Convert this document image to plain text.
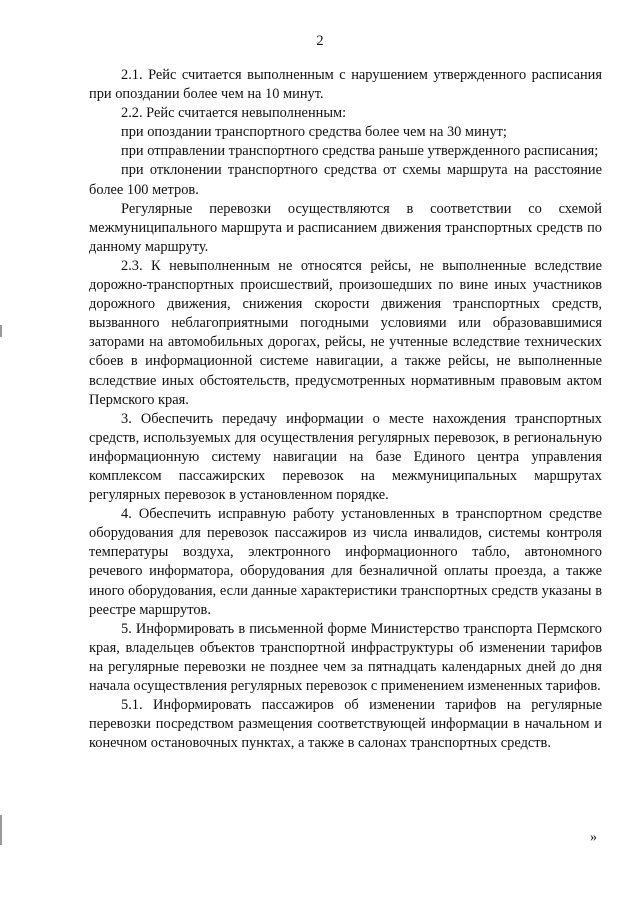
2

2.1. Рейс считается выполненным с нарушением утвержденного расписания при опоздании более чем на 10 минут.

2.2. Рейс считается невыполненным:

при опоздании транспортного средства более чем на 30 минут;

при отправлении транспортного средства раньше утвержденного расписания;

при отклонении транспортного средства от схемы маршрута на расстояние более 100 метров.

Регулярные перевозки осуществляются в соответствии со схемой межмуниципального маршрута и расписанием движения транспортных средств по данному маршруту.

2.3. К невыполненным не относятся рейсы, не выполненные вследствие дорожно-транспортных происшествий, произошедших по вине иных участников дорожного движения, снижения скорости движения транспортных средств, вызванного неблагоприятными погодными условиями или образовавшимися заторами на автомобильных дорогах, рейсы, не учтенные вследствие технических сбоев в информационной системе навигации, а также рейсы, не выполненные вследствие иных обстоятельств, предусмотренных нормативным правовым актом Пермского края.

3. Обеспечить передачу информации о месте нахождения транспортных средств, используемых для осуществления регулярных перевозок, в региональную информационную систему навигации на базе Единого центра управления комплексом пассажирских перевозок на межмуниципальных маршрутах регулярных перевозок в установленном порядке.

4. Обеспечить исправную работу установленных в транспортном средстве оборудования для перевозок пассажиров из числа инвалидов, системы контроля температуры воздуха, электронного информационного табло, автономного речевого информатора, оборудования для безналичной оплаты проезда, а также иного оборудования, если данные характеристики транспортных средств указаны в реестре маршрутов.

5. Информировать в письменной форме Министерство транспорта Пермского края, владельцев объектов транспортной инфраструктуры об изменении тарифов на регулярные перевозки не позднее чем за пятнадцать календарных дней до дня начала осуществления регулярных перевозок с применением измененных тарифов.

5.1. Информировать пассажиров об изменении тарифов на регулярные перевозки посредством размещения соответствующей информации в начальном и конечном остановочных пунктах, а также в салонах транспортных средств.

»
